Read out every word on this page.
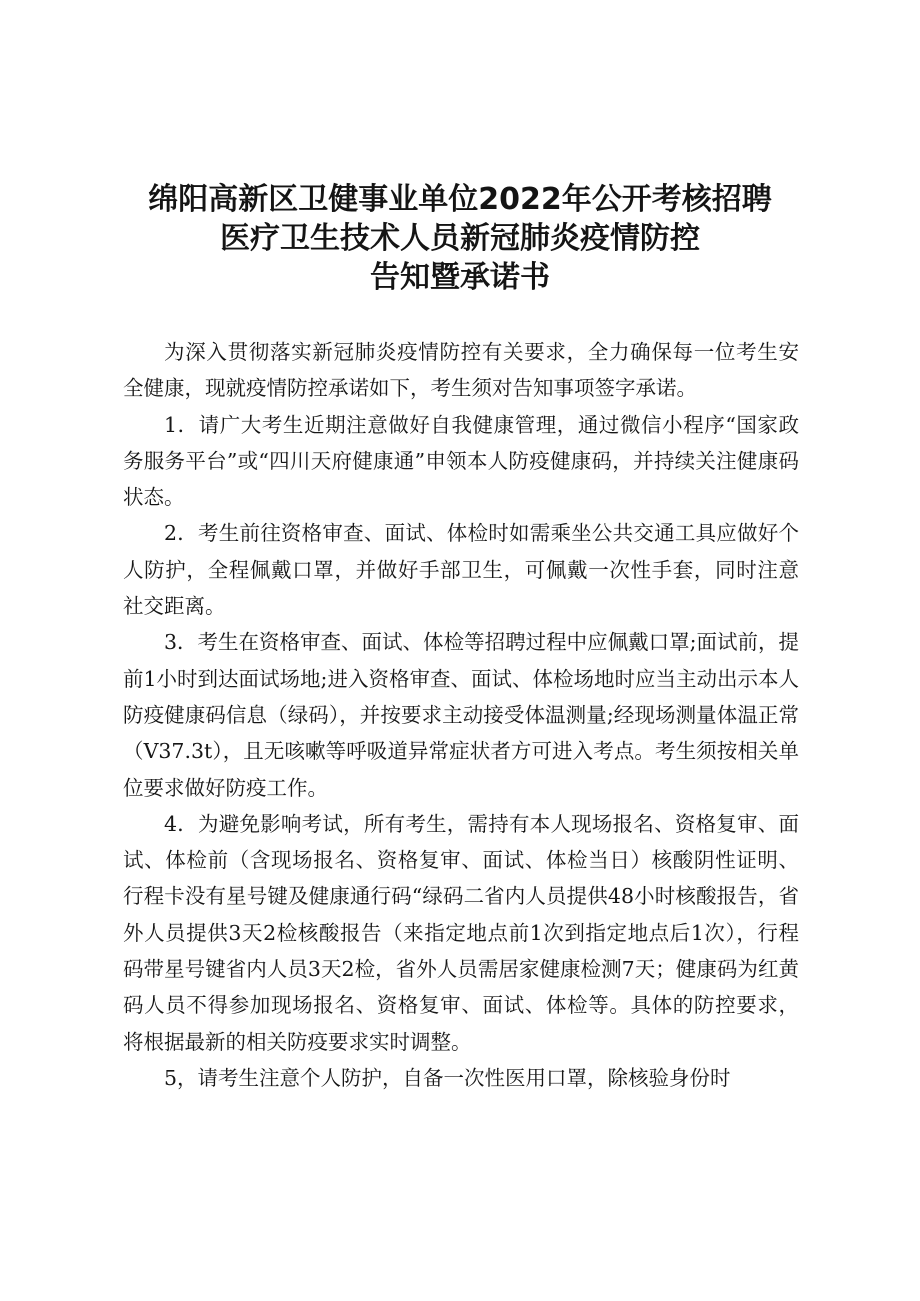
绵阳高新区卫健事业单位2022年公开考核招聘
医疗卫生技术人员新冠肺炎疫情防控
告知暨承诺书

为深入贯彻落实新冠肺炎疫情防控有关要求，全力确保每一位考生安全健康，现就疫情防控承诺如下，考生须对告知事项签字承诺。

1．请广大考生近期注意做好自我健康管理，通过微信小程序“国家政务服务平台”或“四川天府健康通”申领本人防疫健康码，并持续关注健康码状态。

2．考生前往资格审查、面试、体检时如需乘坐公共交通工具应做好个人防护，全程佩戴口罩，并做好手部卫生，可佩戴一次性手套，同时注意社交距离。

3．考生在资格审查、面试、体检等招聘过程中应佩戴口罩;面试前，提前1小时到达面试场地;进入资格审查、面试、体检场地时应当主动出示本人防疫健康码信息（绿码），并按要求主动接受体温测量;经现场测量体温正常（V37.3t），且无咳嗽等呼吸道异常症状者方可进入考点。考生须按相关单位要求做好防疫工作。

4．为避免影响考试，所有考生，需持有本人现场报名、资格复审、面试、体检前（含现场报名、资格复审、面试、体检当日）核酸阴性证明、行程卡没有星号键及健康通行码“绿码二省内人员提供48小时核酸报告，省外人员提供3天2检核酸报告（来指定地点前1次到指定地点后1次），行程码带星号键省内人员3天2检，省外人员需居家健康检测7天；健康码为红黄码人员不得参加现场报名、资格复审、面试、体检等。具体的防控要求，将根据最新的相关防疫要求实时调整。

5，请考生注意个人防护，自备一次性医用口罩，除核验身份时
